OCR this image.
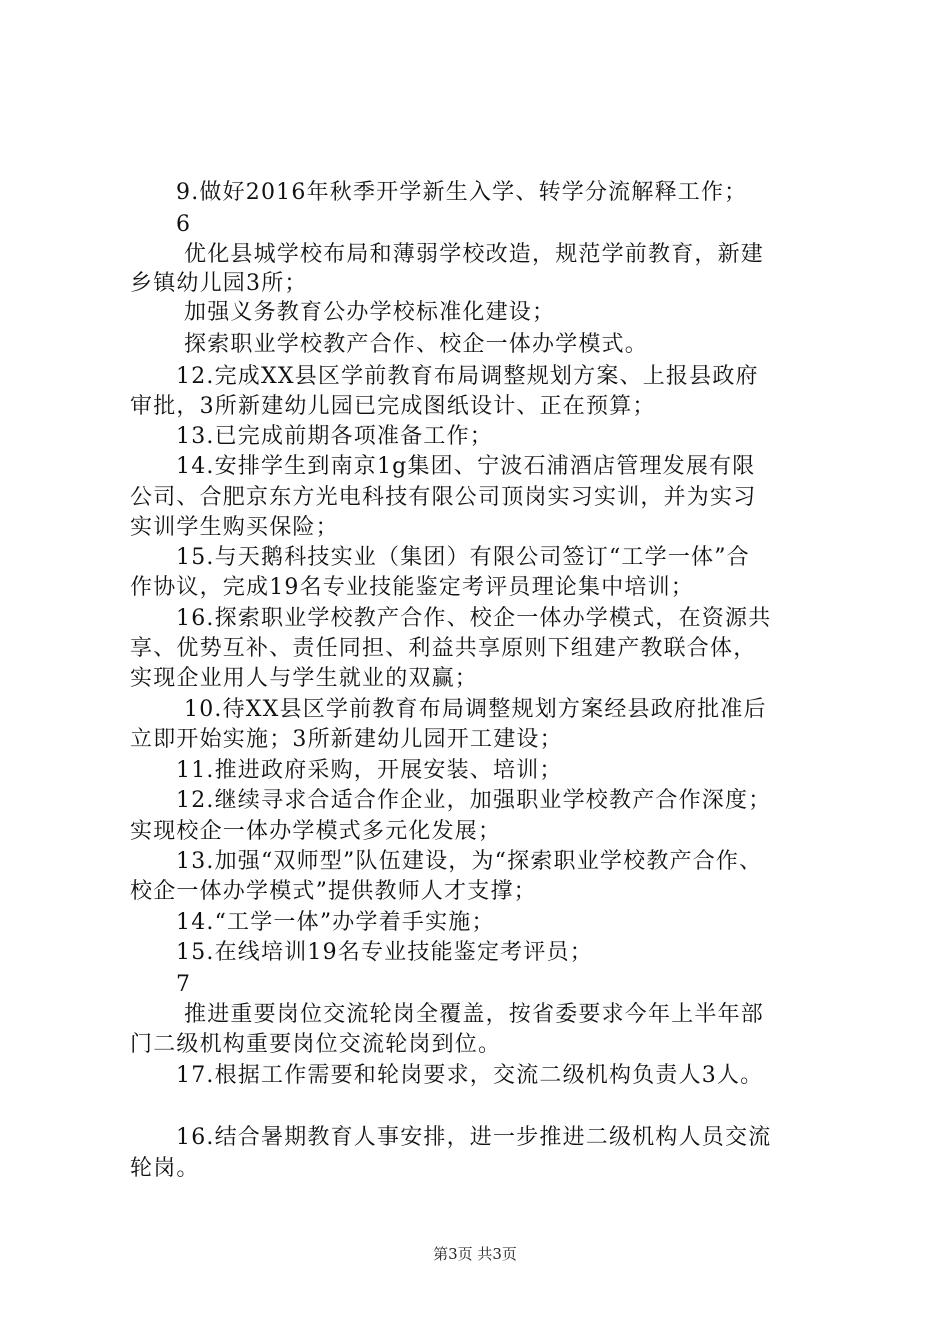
9.做好2016年秋季开学新生入学、转学分流解释工作；
6
优化县城学校布局和薄弱学校改造，规范学前教育，新建
乡镇幼儿园3所；
加强义务教育公办学校标准化建设；
探索职业学校教产合作、校企一体办学模式。
12.完成XX县区学前教育布局调整规划方案、上报县政府
审批，3所新建幼儿园已完成图纸设计、正在预算；
13.已完成前期各项准备工作；
14.安排学生到南京1g集团、宁波石浦酒店管理发展有限
公司、合肥京东方光电科技有限公司顶岗实习实训，并为实习
实训学生购买保险；
15.与天鹅科技实业（集团）有限公司签订“工学一体”合
作协议，完成19名专业技能鉴定考评员理论集中培训；
16.探索职业学校教产合作、校企一体办学模式，在资源共
享、优势互补、责任同担、利益共享原则下组建产教联合体，
实现企业用人与学生就业的双赢；
10.待XX县区学前教育布局调整规划方案经县政府批准后
立即开始实施；3所新建幼儿园开工建设；
11.推进政府采购，开展安装、培训；
12.继续寻求合适合作企业，加强职业学校教产合作深度；
实现校企一体办学模式多元化发展；
13.加强“双师型”队伍建设，为“探索职业学校教产合作、
校企一体办学模式”提供教师人才支撑；
14.“工学一体”办学着手实施；
15.在线培训19名专业技能鉴定考评员；
7
推进重要岗位交流轮岗全覆盖，按省委要求今年上半年部
门二级机构重要岗位交流轮岗到位。
17.根据工作需要和轮岗要求，交流二级机构负责人3人。
16.结合暑期教育人事安排，进一步推进二级机构人员交流
轮岗。
第3页 共3页
